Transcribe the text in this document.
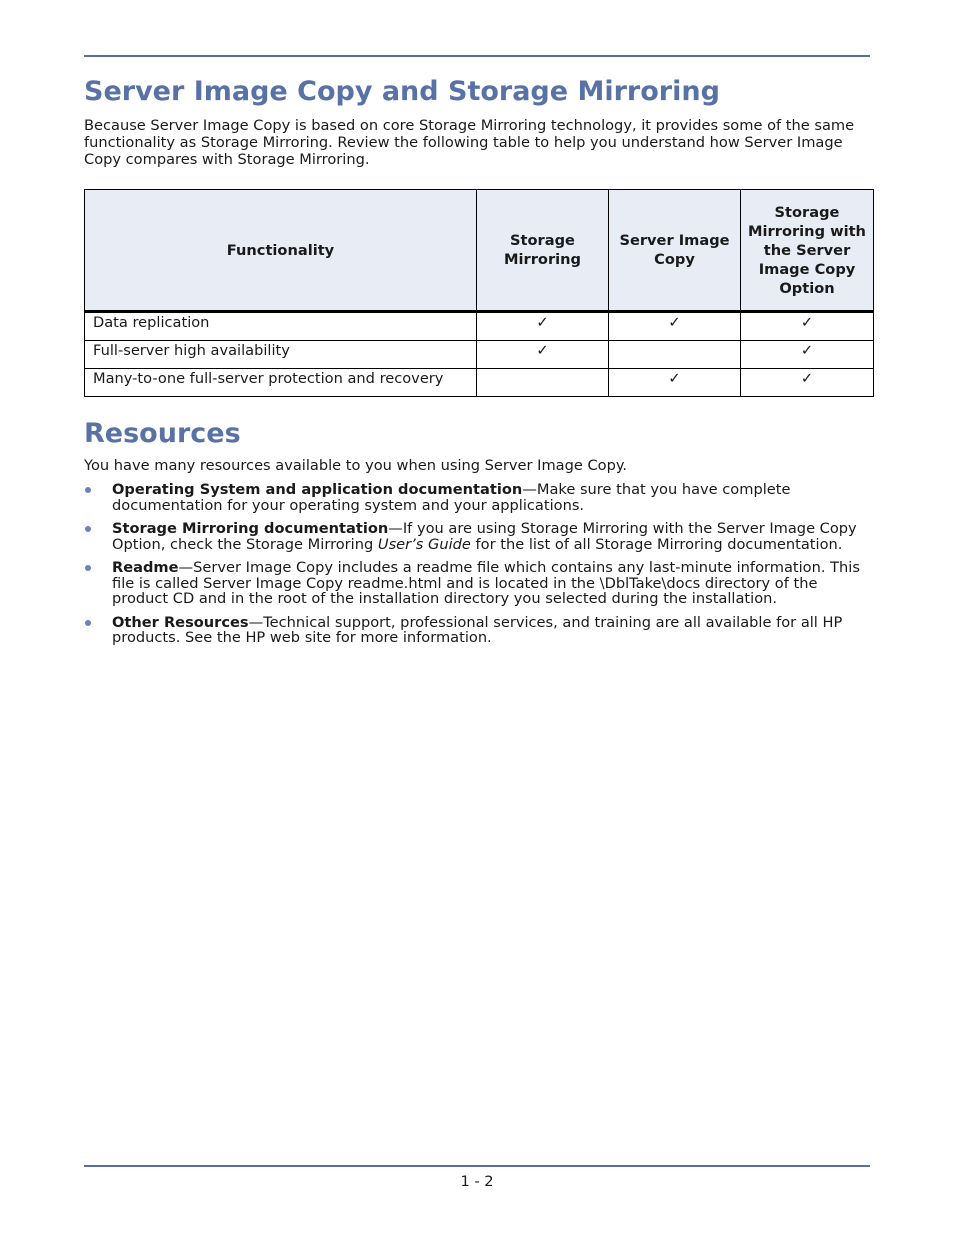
Server Image Copy and Storage Mirroring

Because Server Image Copy is based on core Storage Mirroring technology, it provides some of the same functionality as Storage Mirroring. Review the following table to help you understand how Server Image Copy compares with Storage Mirroring.

Functionality	Storage Mirroring	Server Image Copy	Storage Mirroring with the Server Image Copy Option
Data replication	✓	✓	✓
Full-server high availability	✓		✓
Many-to-one full-server protection and recovery		✓	✓
Resources

You have many resources available to you when using Server Image Copy.

Operating System and application documentation—Make sure that you have complete documentation for your operating system and your applications.
Storage Mirroring documentation—If you are using Storage Mirroring with the Server Image Copy Option, check the Storage Mirroring User’s Guide for the list of all Storage Mirroring documentation.
Readme—Server Image Copy includes a readme file which contains any last-minute information. This file is called Server Image Copy readme.html and is located in the \DblTake\docs directory of the product CD and in the root of the installation directory you selected during the installation.
Other Resources—Technical support, professional services, and training are all available for all HP products. See the HP web site for more information.
1 - 2
